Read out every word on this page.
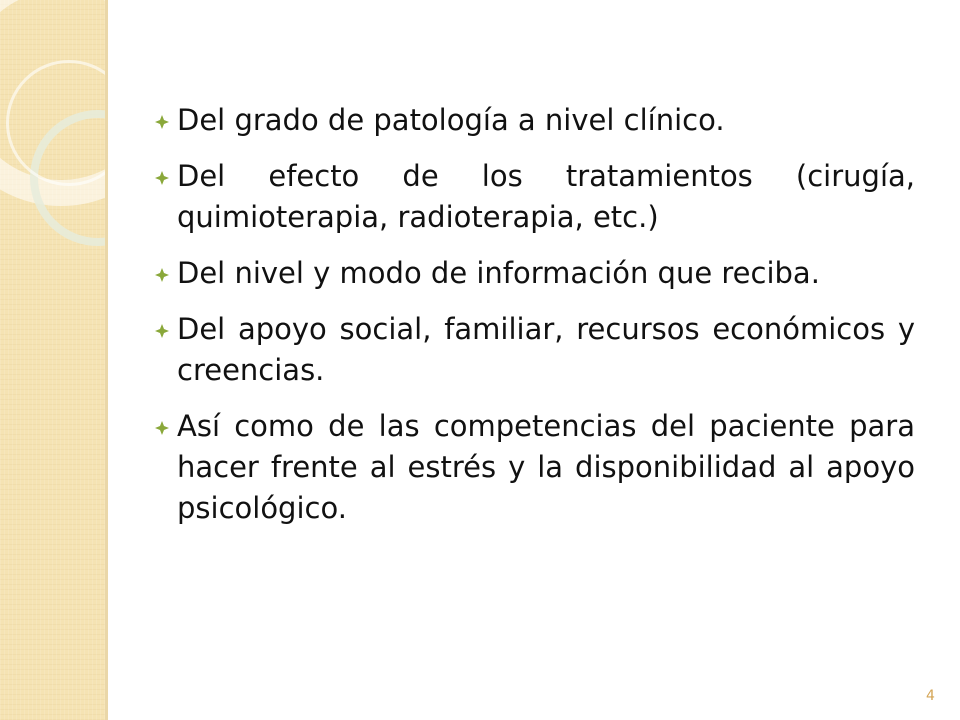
Del grado de patología a nivel clínico.
Del efecto de los tratamientos (cirugía, quimioterapia, radioterapia, etc.)
Del nivel y modo de información que reciba.
Del apoyo social, familiar, recursos económicos y creencias.
Así como de las competencias del paciente para hacer frente al estrés y la disponibilidad al apoyo psicológico.
4
